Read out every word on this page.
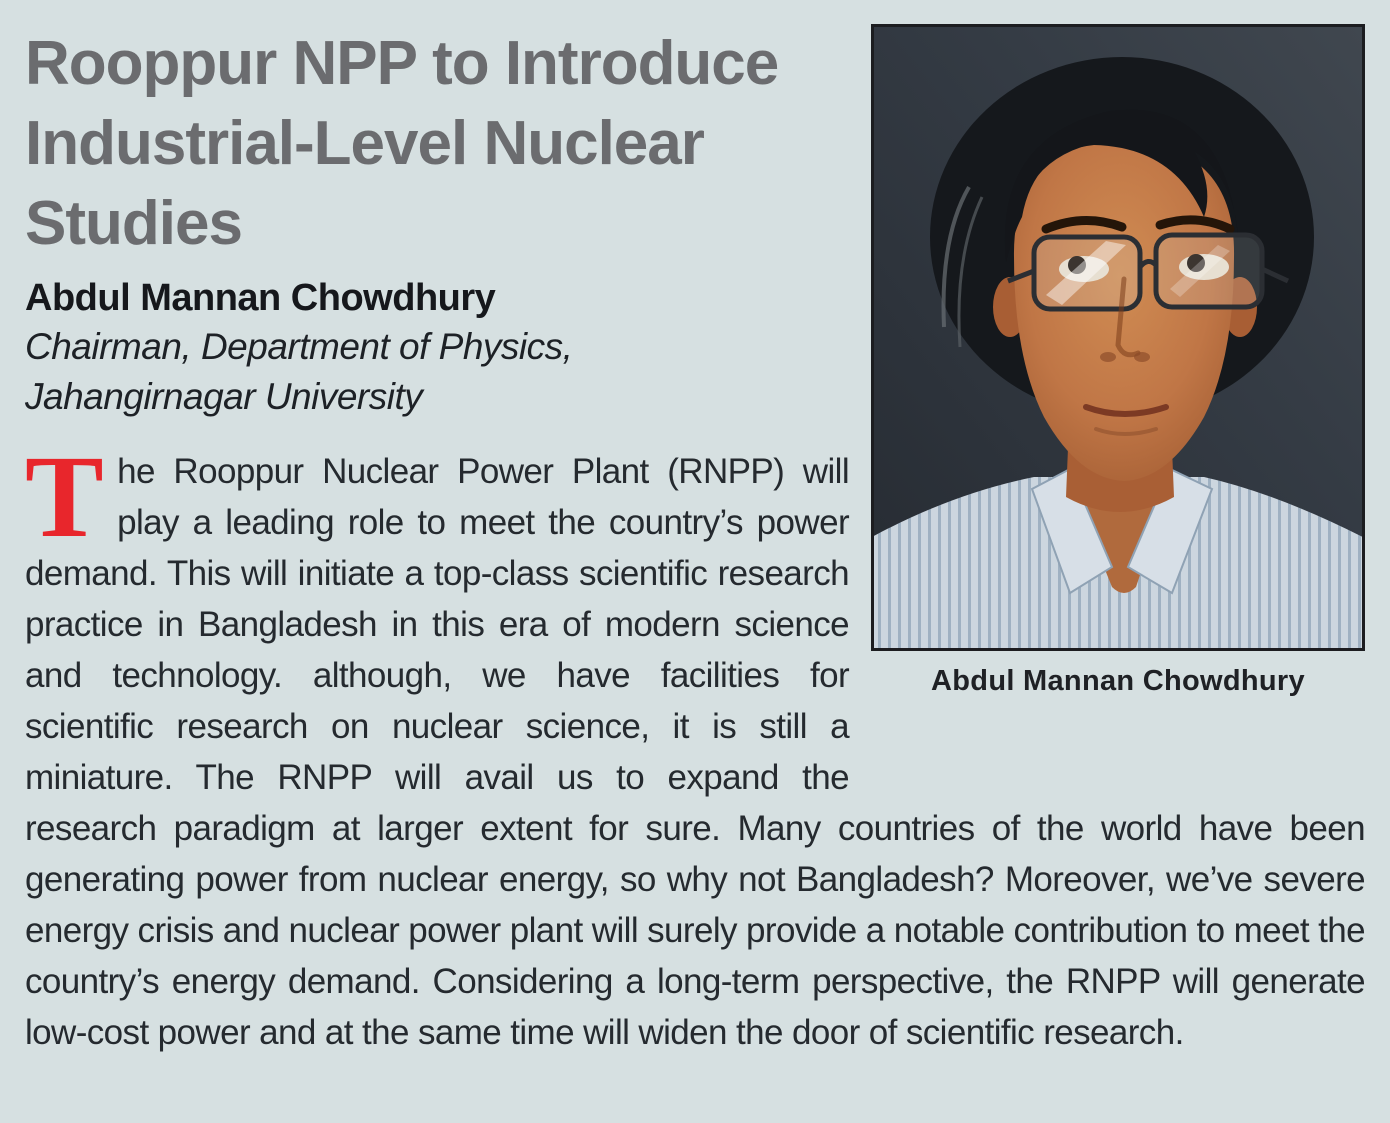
Abdul Mannan Chowdhury
Rooppur NPP to Introduce Industrial-Level Nuclear Studies
Abdul Mannan Chowdhury
Chairman, Department of Physics,
Jahangirnagar University

The Rooppur Nuclear Power Plant (RNPP) will play a leading role to meet the country’s power demand. This will initiate a top-class scientific research practice in Bangladesh in this era of modern science and technology. although, we have facilities for scientific research on nuclear science, it is still a miniature. The RNPP will avail us to expand the research paradigm at larger extent for sure. Many countries of the world have been generating power from nuclear energy, so why not Bangladesh? Moreover, we’ve severe energy crisis and nuclear power plant will surely provide a notable contribution to meet the country’s energy demand. Considering a long-term perspective, the RNPP will generate low-cost power and at the same time will widen the door of scientific research.
